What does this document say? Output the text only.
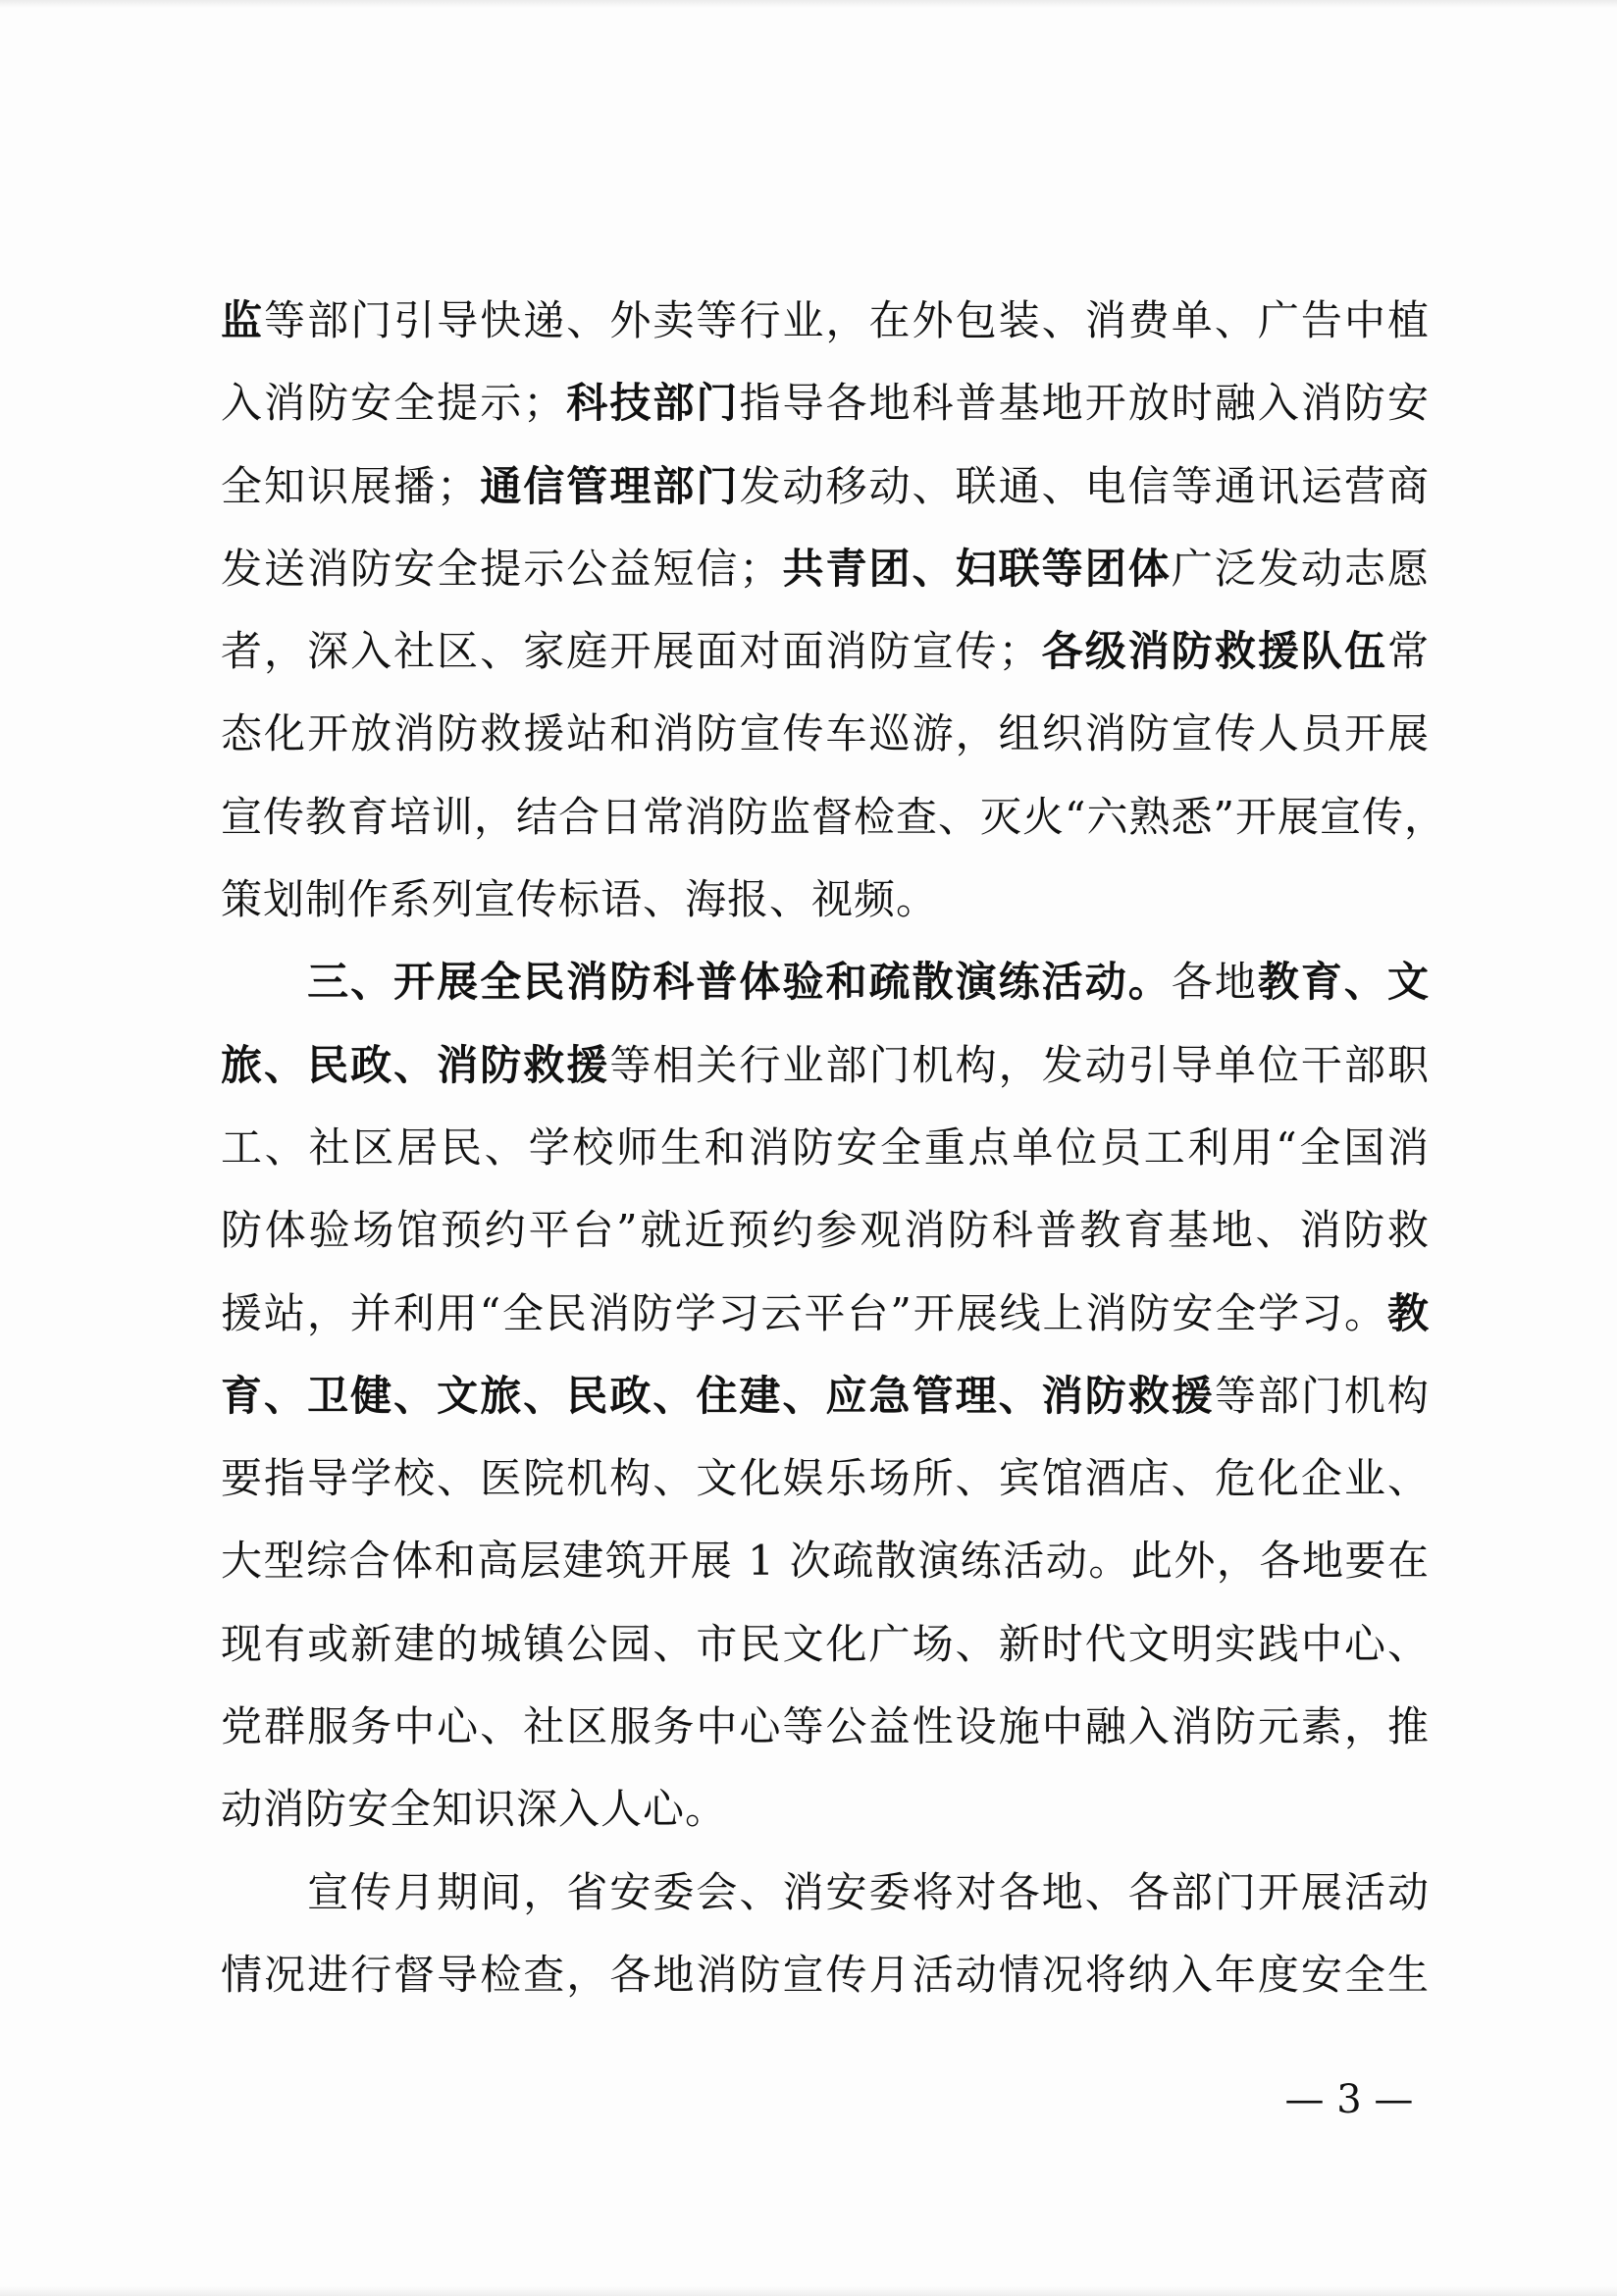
监等部门引导快递、外卖等行业，在外包装、消费单、广告中植
入消防安全提示；科技部门指导各地科普基地开放时融入消防安
全知识展播；通信管理部门发动移动、联通、电信等通讯运营商
发送消防安全提示公益短信；共青团、妇联等团体广泛发动志愿
者，深入社区、家庭开展面对面消防宣传；各级消防救援队伍常
态化开放消防救援站和消防宣传车巡游，组织消防宣传人员开展
宣传教育培训，结合日常消防监督检查、灭火“六熟悉”开展宣传，
策划制作系列宣传标语、海报、视频。
　　三、开展全民消防科普体验和疏散演练活动。各地教育、文
旅、民政、消防救援等相关行业部门机构，发动引导单位干部职
工、社区居民、学校师生和消防安全重点单位员工利用“全国消
防体验场馆预约平台”就近预约参观消防科普教育基地、消防救
援站，并利用“全民消防学习云平台”开展线上消防安全学习。教
育、卫健、文旅、民政、住建、应急管理、消防救援等部门机构
要指导学校、医院机构、文化娱乐场所、宾馆酒店、危化企业、
大型综合体和高层建筑开展 1 次疏散演练活动。此外，各地要在
现有或新建的城镇公园、市民文化广场、新时代文明实践中心、
党群服务中心、社区服务中心等公益性设施中融入消防元素，推
动消防安全知识深入人心。
　　宣传月期间，省安委会、消安委将对各地、各部门开展活动
情况进行督导检查，各地消防宣传月活动情况将纳入年度安全生
— 3 —
